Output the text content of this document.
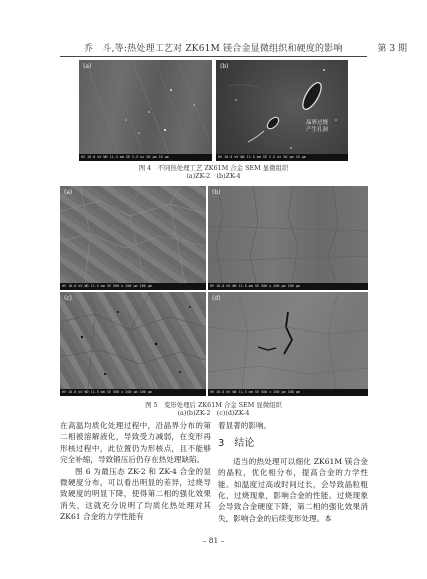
乔　斗,等:热处理工艺对 ZK61M 镁合金显微组织和硬度的影响	第 3 期
(a)
HV 10.0 kV WD 11.5 mm SE 2.5 kx 50 μm 10 μm
(b)
晶界过烧
产生孔洞
HV 10.0 kV WD 11.5 mm SE 2.5 kx 50 μm 10 μm
图 4　不同热处理工艺 ZK61M 合金 SEM 显微组织
(a)ZK-2　(b)ZK-4
(a)
HV 10.0 kV WD 11.5 mm SE 500 x 200 μm 100 μm
(b)
HV 10.0 kV WD 11.5 mm SE 500 x 200 μm 100 μm
(c)
HV 10.0 kV WD 11.5 mm SE 500 x 200 μm 100 μm
(d)
HV 10.0 kV WD 11.5 mm SE 500 x 200 μm 100 μm
图 5　变形处理后 ZK61M 合金 SEM 显微组织
(a)(b)ZK-2　(c)(d)ZK-4

在高温均质化处理过程中，沿晶界分布的第二相被溶解液化，导致受力减弱，在变形再形核过程中，此位置仍为形核点，且不能够完全补缩，导致锻压后仍存在热处理缺陷。

图 6 为最压态 ZK-2 和 ZK-4 合金的显微硬度分布，可以看出明显的差异，过烧导致硬度的明显下降，使得第二相的强化效果消失，这就充分说明了均质化热处理对其 ZK61 合金的力学性能有

着显著的影响。

3　结论

适当的热处理可以细化 ZK61M 镁合金的晶粒，优化相分布，提高合金的力学性能。如温度过高或时间过长，会导致晶粒粗化、过烧现象，影响合金的性能。过烧现象会导致合金硬度下降，第二相的强化效果消失，影响合金的后续变形处理。本

– 81 –
